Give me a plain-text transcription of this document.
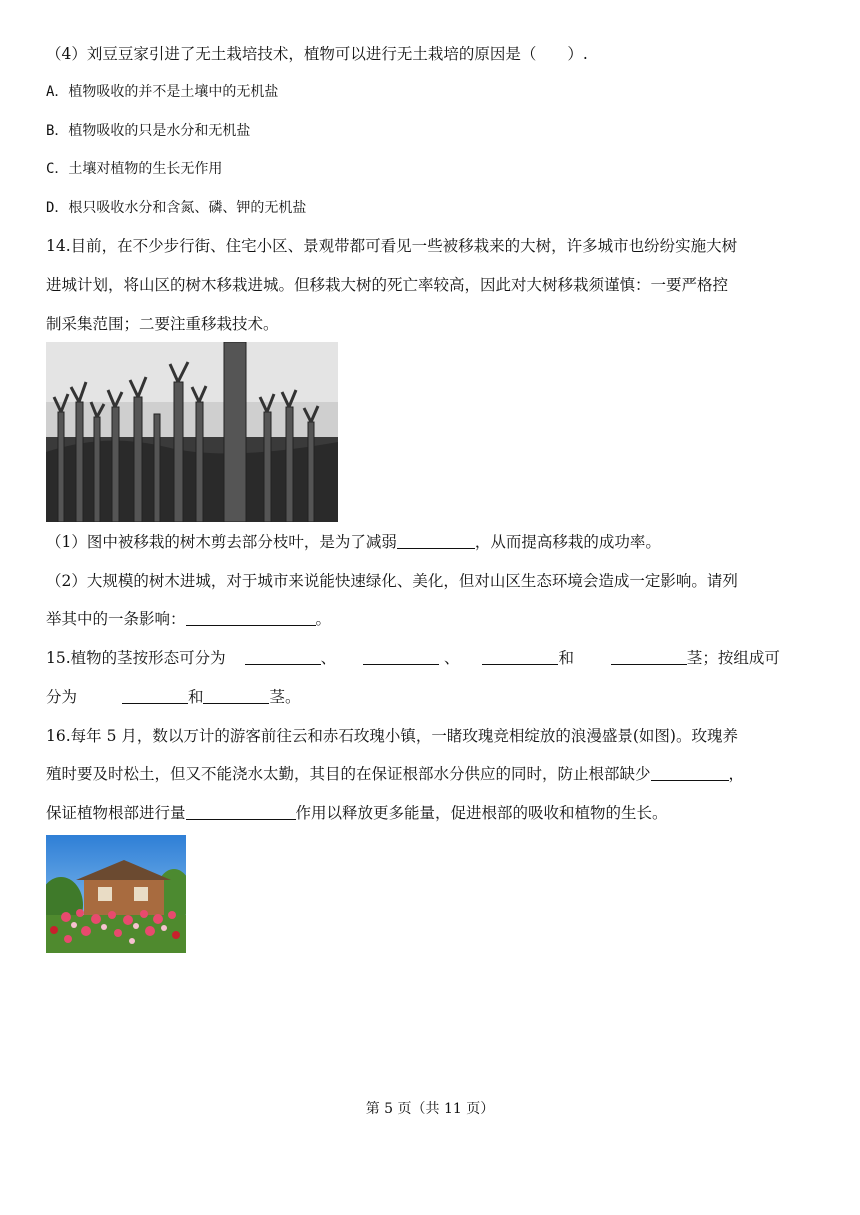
（4）刘豆豆家引进了无土栽培技术，植物可以进行无土栽培的原因是（　　）.
A．植物吸收的并不是土壤中的无机盐
B．植物吸收的只是水分和无机盐
C．土壤对植物的生长无作用
D．根只吸收水分和含氮、磷、钾的无机盐
14.目前，在不少步行街、住宅小区、景观带都可看见一些被移栽来的大树，许多城市也纷纷实施大树
进城计划，将山区的树木移栽进城。但移栽大树的死亡率较高，因此对大树移栽须谨慎：一要严格控
制采集范围；二要注重移栽技术。
（1）图中被移栽的树木剪去部分枝叶，是为了减弱	，从而提高移栽的成功率。
（2）大规模的树木进城，对于城市来说能快速绿化、美化，但对山区生态环境会造成一定影响。请列
举其中的一条影响：	。
15.植物的茎按形态可分为	、	、	和	茎；按组成可
分为	和	茎。
16.每年 5 月，数以万计的游客前往云和赤石玫瑰小镇，一睹玫瑰竞相绽放的浪漫盛景(如图)。玫瑰养
殖时要及时松土，但又不能浇水太勤，其目的在保证根部水分供应的同时，防止根部缺少	，
保证植物根部进行量	作用以释放更多能量，促进根部的吸收和植物的生长。
第 5 页（共 11 页）
